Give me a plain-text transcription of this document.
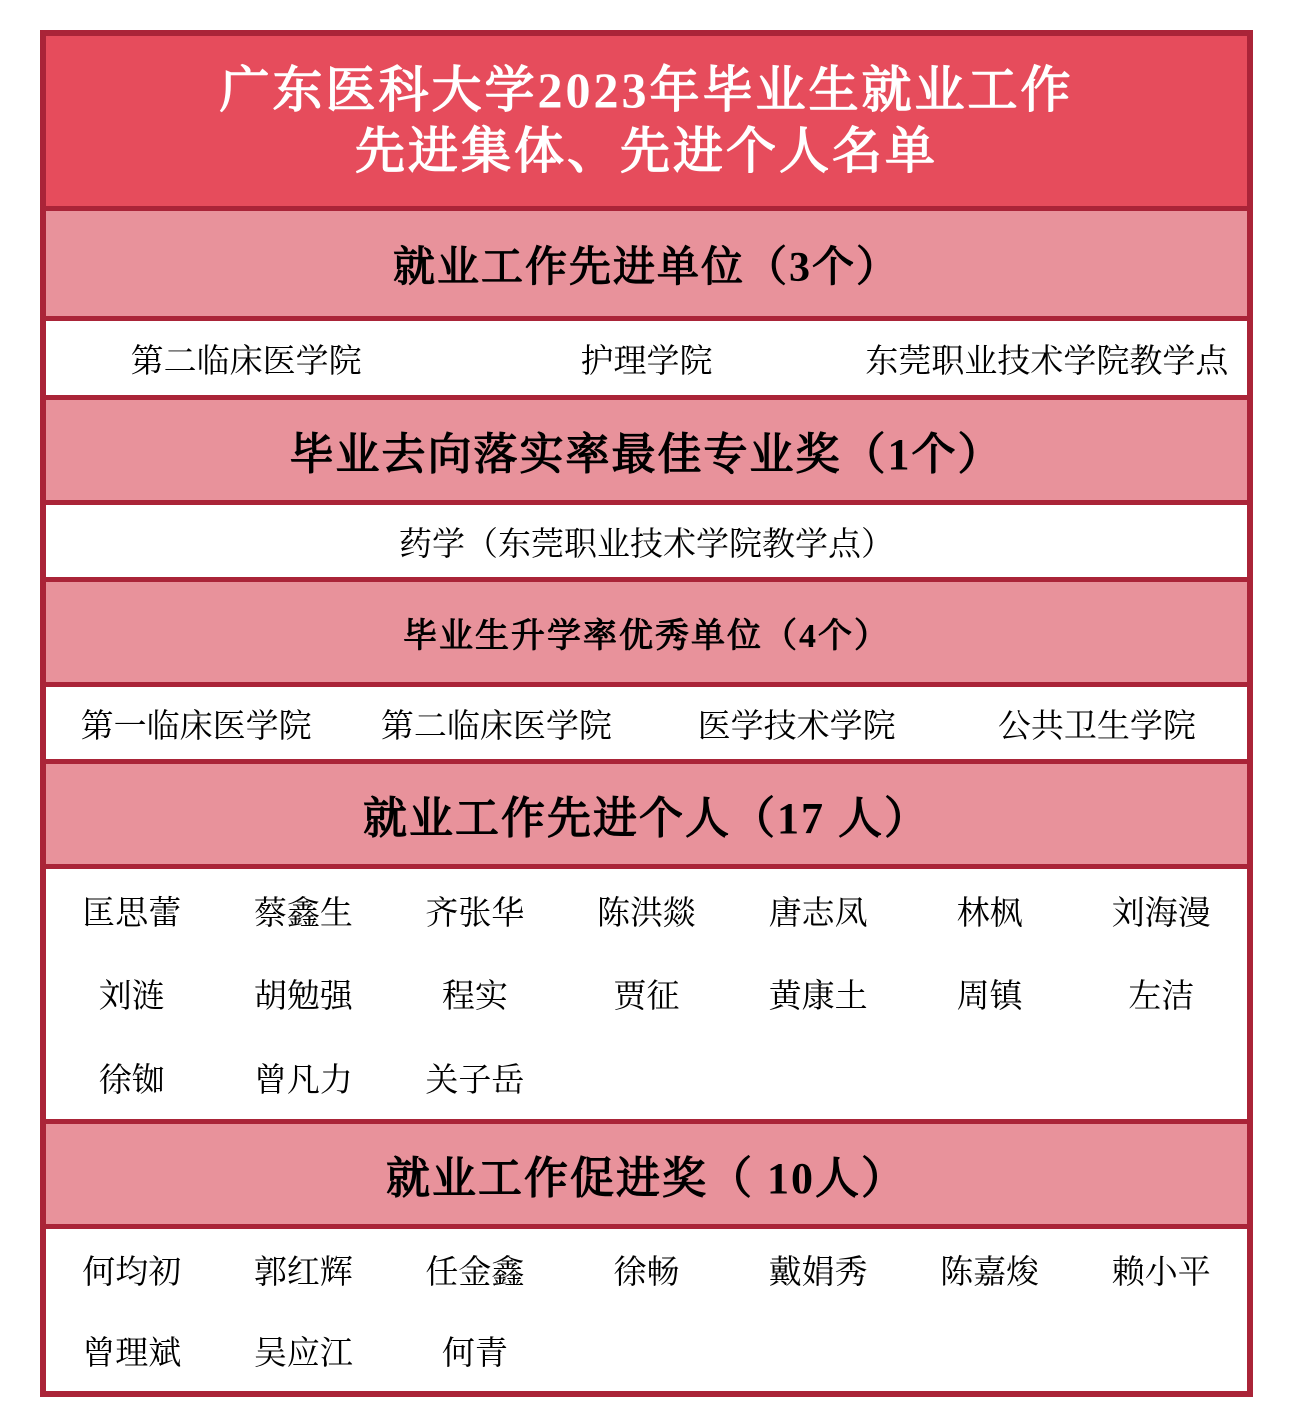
广东医科大学2023年毕业生就业工作
先进集体、先进个人名单
就业工作先进单位（3个）
第二临床医学院	护理学院	东莞职业技术学院教学点
毕业去向落实率最佳专业奖（1个）
药学（东莞职业技术学院教学点）
毕业生升学率优秀单位（4个）
第一临床医学院 第二临床医学院	医学技术学院	公共卫生学院
就业工作先进个人（17 人）
匡思蕾 蔡鑫生 齐张华 陈洪燚 唐志凤	林枫	刘海漫
刘涟	胡勉强	程实	贾征	黄康土	周镇	左洁
徐铷	曾凡力 关子岳
就业工作促进奖（ 10人）
何均初 郭红辉 任金鑫	徐畅	戴娟秀 陈嘉焌 赖小平
曾理斌 吴应江	何青
